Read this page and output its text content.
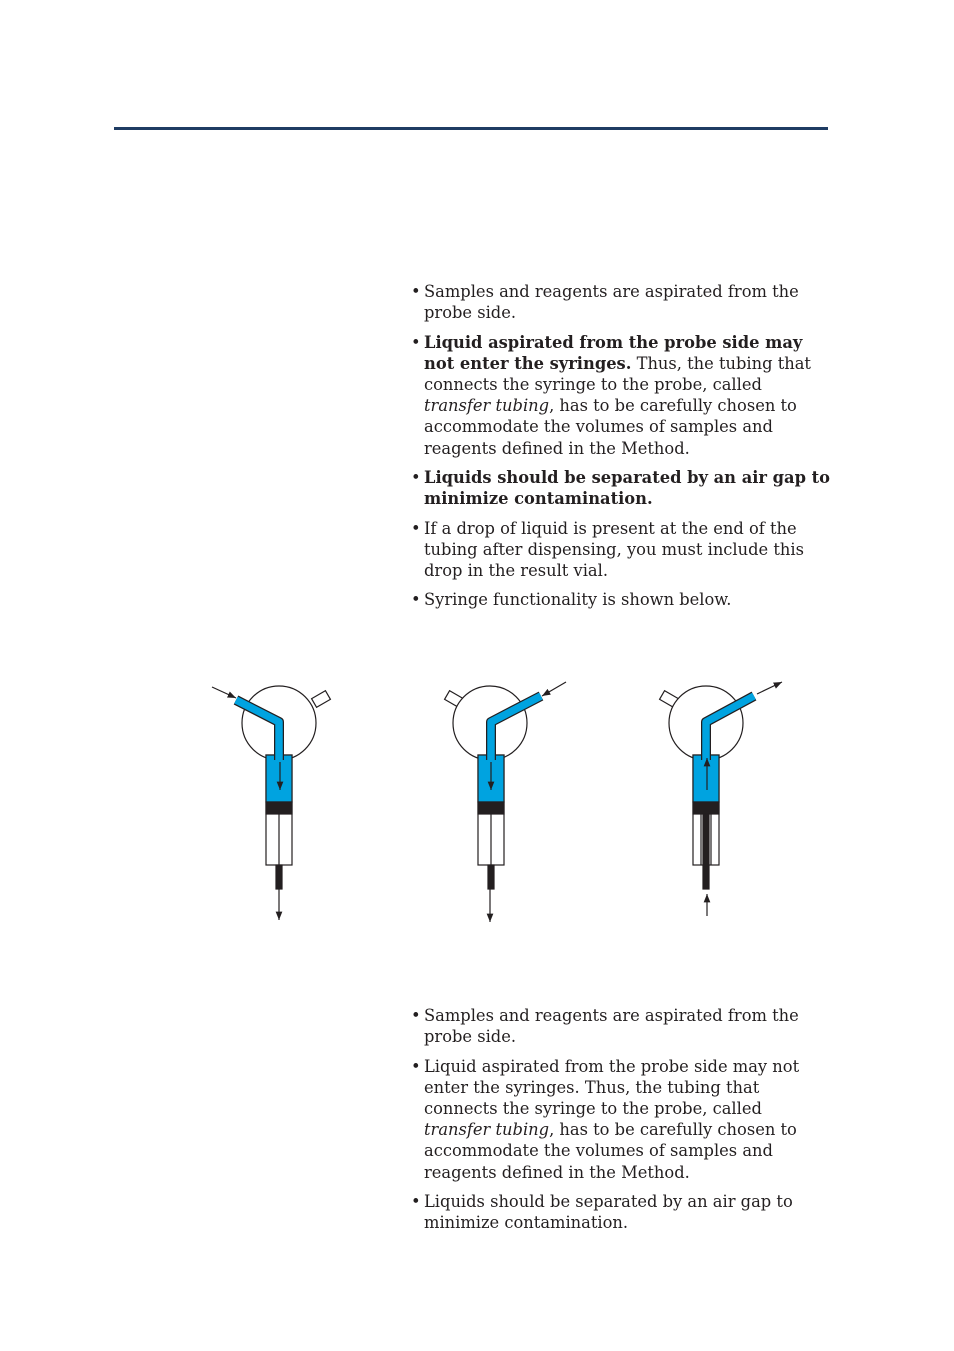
• Samples and reagents are aspirated from the probe side.
• Liquid aspirated from the probe side may not enter the syringes. Thus, the tubing that connects the syringe to the probe, called transfer tubing, has to be carefully chosen to accommodate the volumes of samples and reagents defined in the Method.
• Liquids should be separated by an air gap to minimize contamination.
• If a drop of liquid is present at the end of the tubing after dispensing, you must include this drop in the result vial.
• Syringe functionality is shown below.
• Samples and reagents are aspirated from the probe side.
• Liquid aspirated from the probe side may not enter the syringes. Thus, the tubing that connects the syringe to the probe, called transfer tubing, has to be carefully chosen to accommodate the volumes of samples and reagents defined in the Method.
• Liquids should be separated by an air gap to minimize contamination.
